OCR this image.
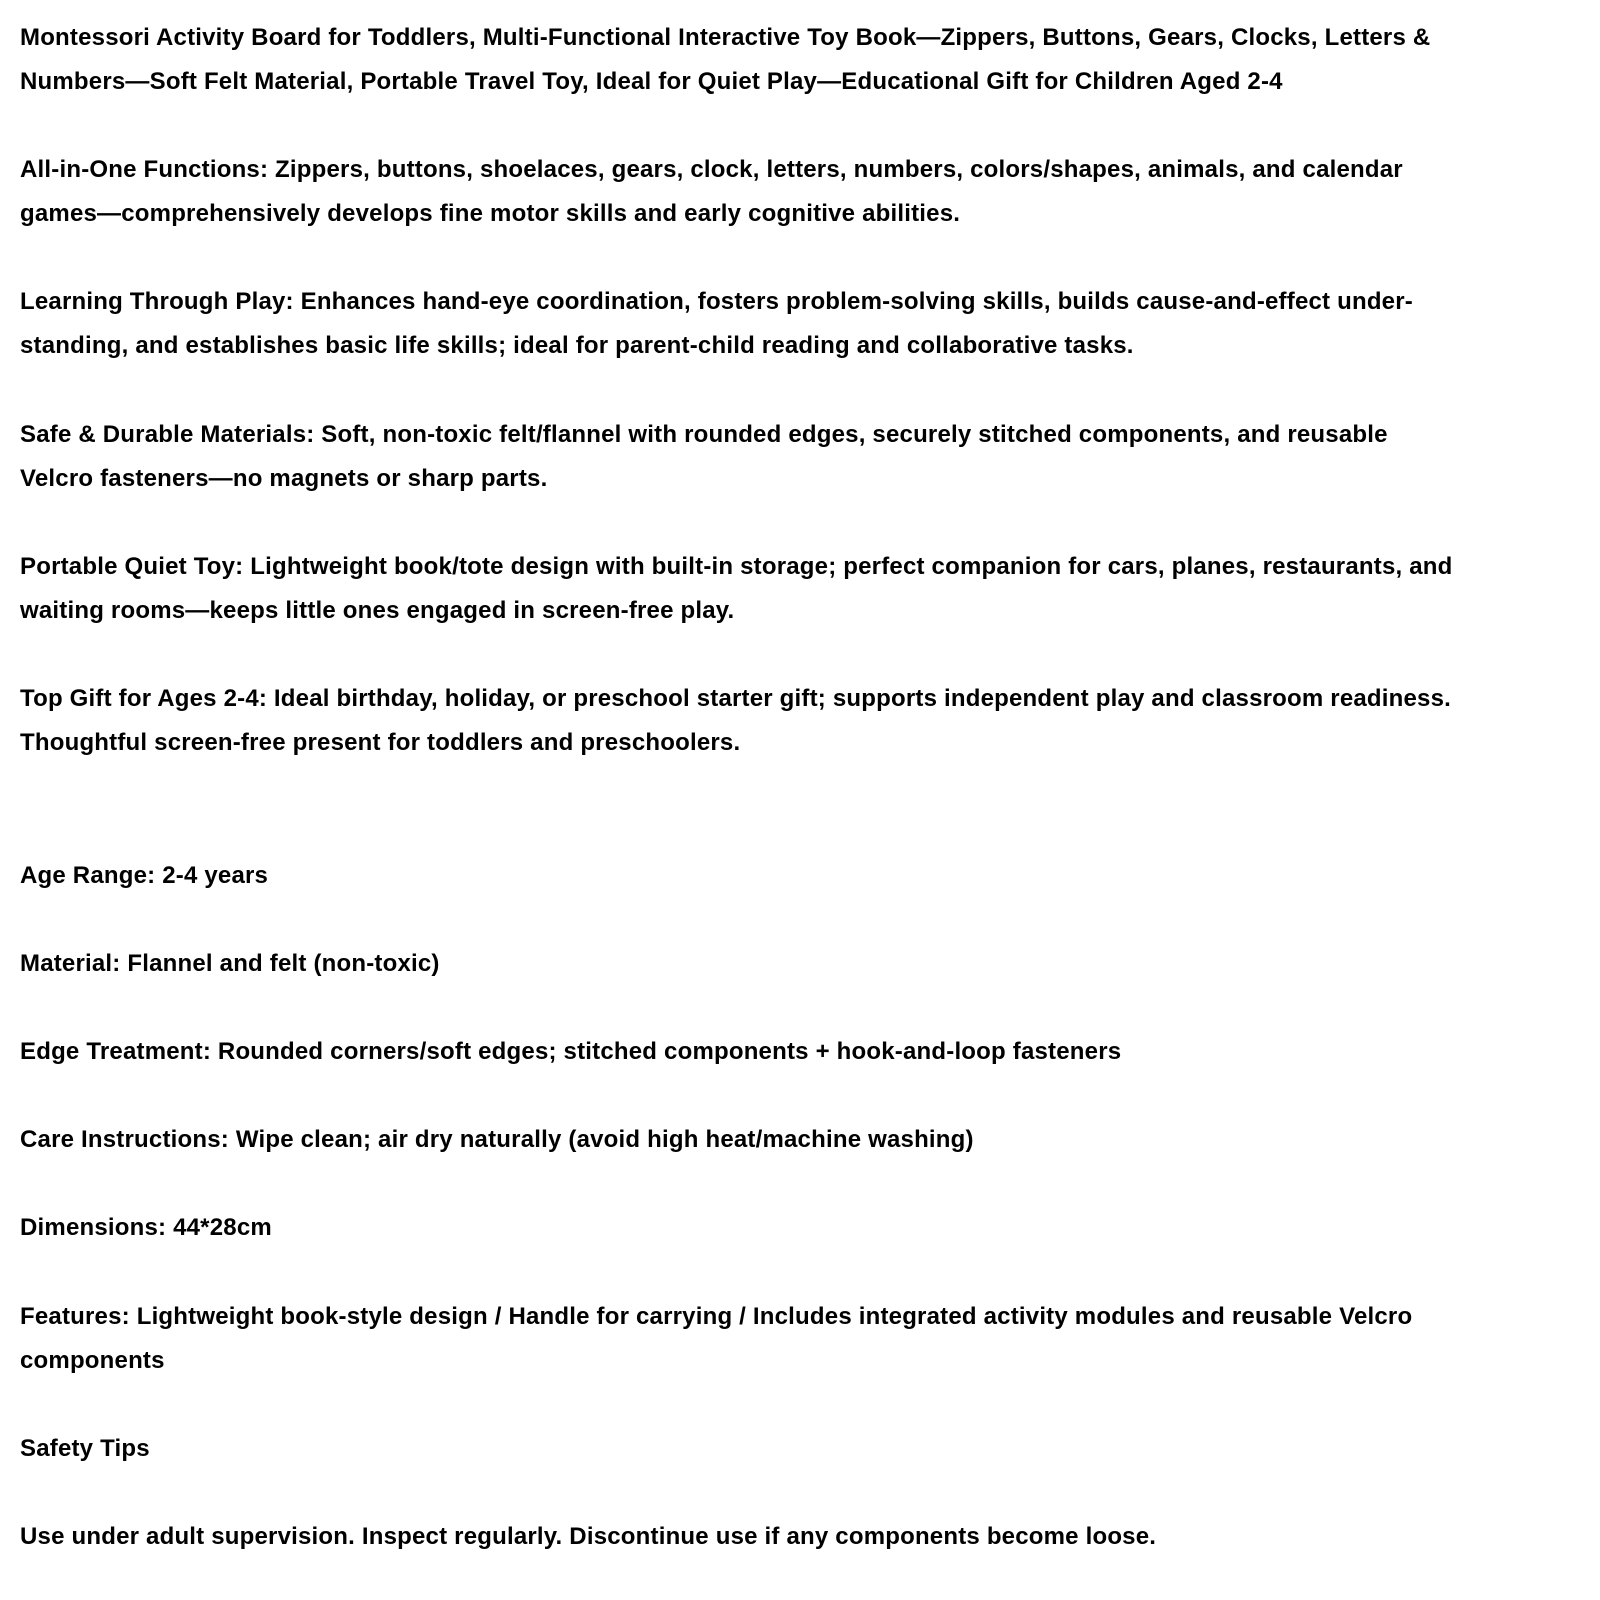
Montessori Activity Board for Toddlers, Multi-Functional Interactive Toy Book—Zippers, Buttons, Gears, Clocks, Letters &
Numbers—Soft Felt Material, Portable Travel Toy, Ideal for Quiet Play—Educational Gift for Children Aged 2-4
All-in-One Functions: Zippers, buttons, shoelaces, gears, clock, letters, numbers, colors/shapes, animals, and calendar
games—comprehensively develops fine motor skills and early cognitive abilities.
Learning Through Play: Enhances hand-eye coordination, fosters problem-solving skills, builds cause-and-effect under-
standing, and establishes basic life skills; ideal for parent-child reading and collaborative tasks.
Safe & Durable Materials: Soft, non-toxic felt/flannel with rounded edges, securely stitched components, and reusable
Velcro fasteners—no magnets or sharp parts.
Portable Quiet Toy: Lightweight book/tote design with built-in storage; perfect companion for cars, planes, restaurants, and
waiting rooms—keeps little ones engaged in screen-free play.
Top Gift for Ages 2-4: Ideal birthday, holiday, or preschool starter gift; supports independent play and classroom readiness.
Thoughtful screen-free present for toddlers and preschoolers.
Age Range: 2-4 years
Material: Flannel and felt (non-toxic)
Edge Treatment: Rounded corners/soft edges; stitched components + hook-and-loop fasteners
Care Instructions: Wipe clean; air dry naturally (avoid high heat/machine washing)
Dimensions: 44*28cm
Features: Lightweight book-style design / Handle for carrying / Includes integrated activity modules and reusable Velcro
components
Safety Tips
Use under adult supervision. Inspect regularly. Discontinue use if any components become loose.
